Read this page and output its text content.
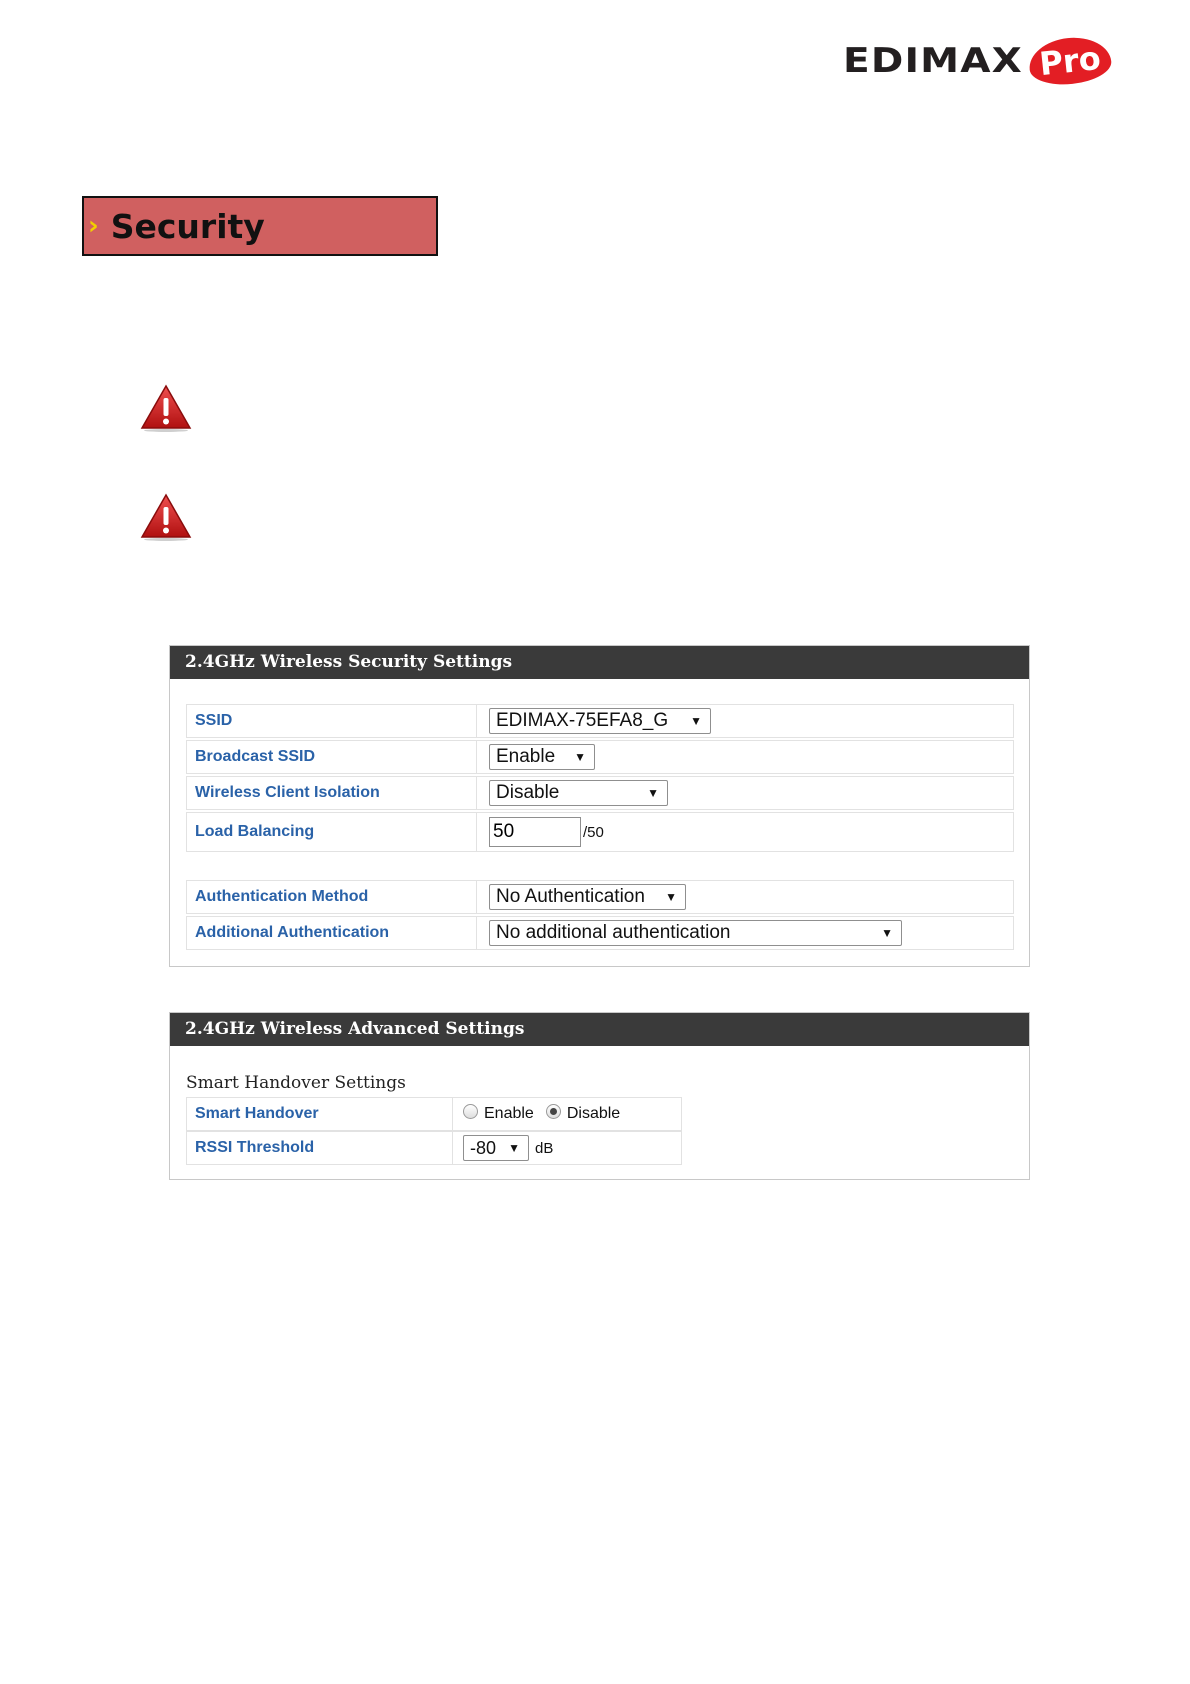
EDIMAX Pro
› Security
2.4GHz Wireless Security Settings
SSID	EDIMAX-75EFA8_G ▼
Broadcast SSID	Enable ▼
Wireless Client Isolation	Disable	▼
Load Balancing	50	/50
Authentication Method	No Authentication ▼
Additional Authentication	No additional authentication	▼
2.4GHz Wireless Advanced Settings
Smart Handover Settings
Smart Handover	Enable Disable
RSSI Threshold	-80 ▼ dB
